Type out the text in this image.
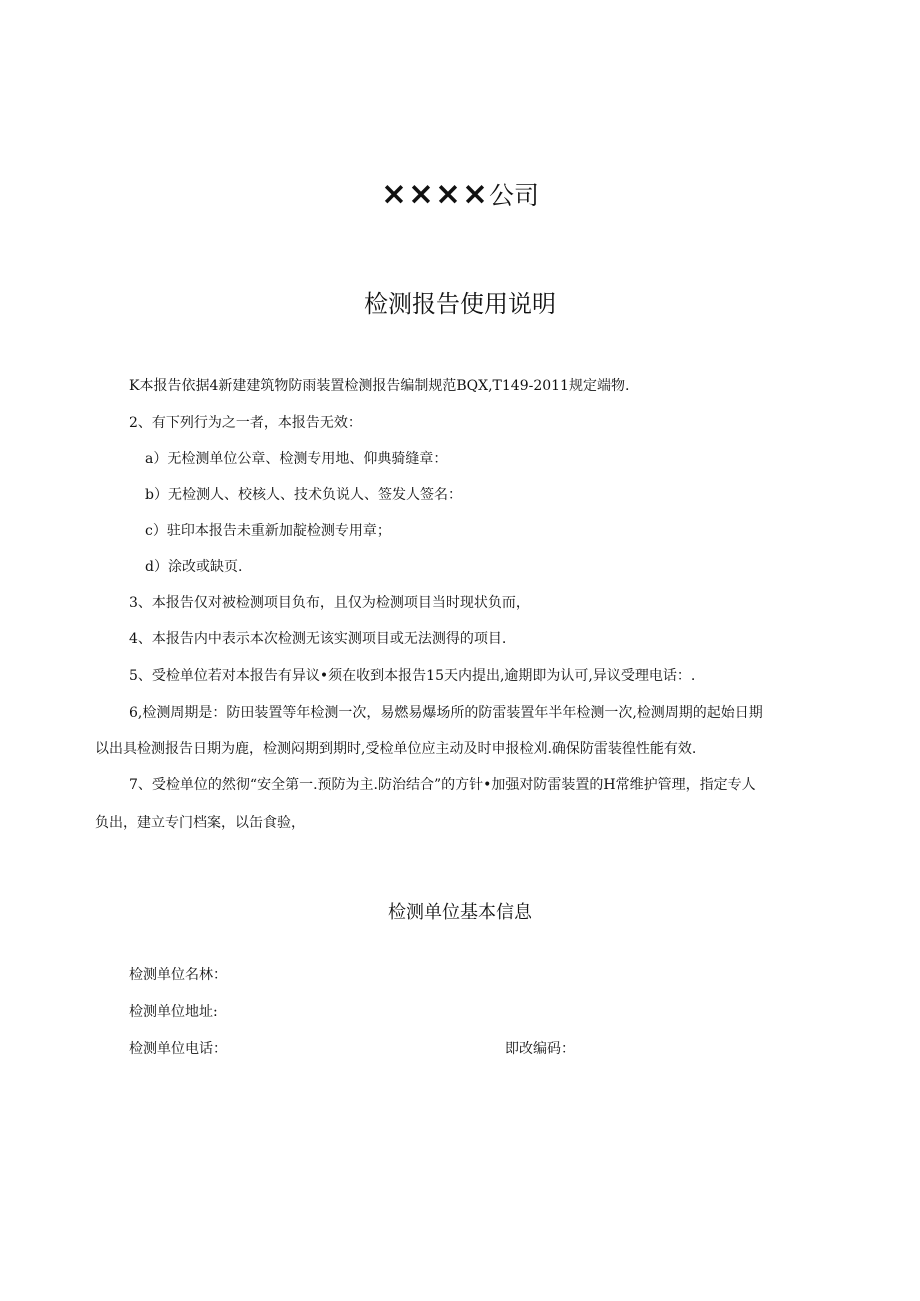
××××公司
检测报告使用说明
K本报告依据4新建建筑物防雨装置检测报告编制规范BQX,T149-2011规定端物.
2、有下列行为之一者，本报告无效：
a）无检测单位公章、检测专用地、仰典骑缝章：
b）无检测人、校核人、技术负说人、签发人签名：
c）驻印本报告未重新加靛检测专用章；
d）涂改或缺页.
3、本报告仅对被检测项目负布，且仅为检测项目当时现状负而，
4、本报告内中表示本次检测无该实测项目或无法测得的项目.
5、受检单位若对本报告有异议•须在收到本报告15天内提出,逾期即为认可,异议受理电话：.
6,检测周期是：防田装置等年检测一次，易燃易爆场所的防雷装置年半年检测一次,检测周期的起始日期
以出具检测报告日期为鹿，检测闷期到期时,受检单位应主动及时申报检刈.确保防雷装徨性能有效.
7、受检单位的然彻“安全第一.预防为主.防治结合”的方针•加强对防雷装置的H常维护管理，指定专人
负出，建立专门档案，以缶食验，
检测单位基本信息
检测单位名林：
检测单位地址:
检测单位电话：	即改编码：
